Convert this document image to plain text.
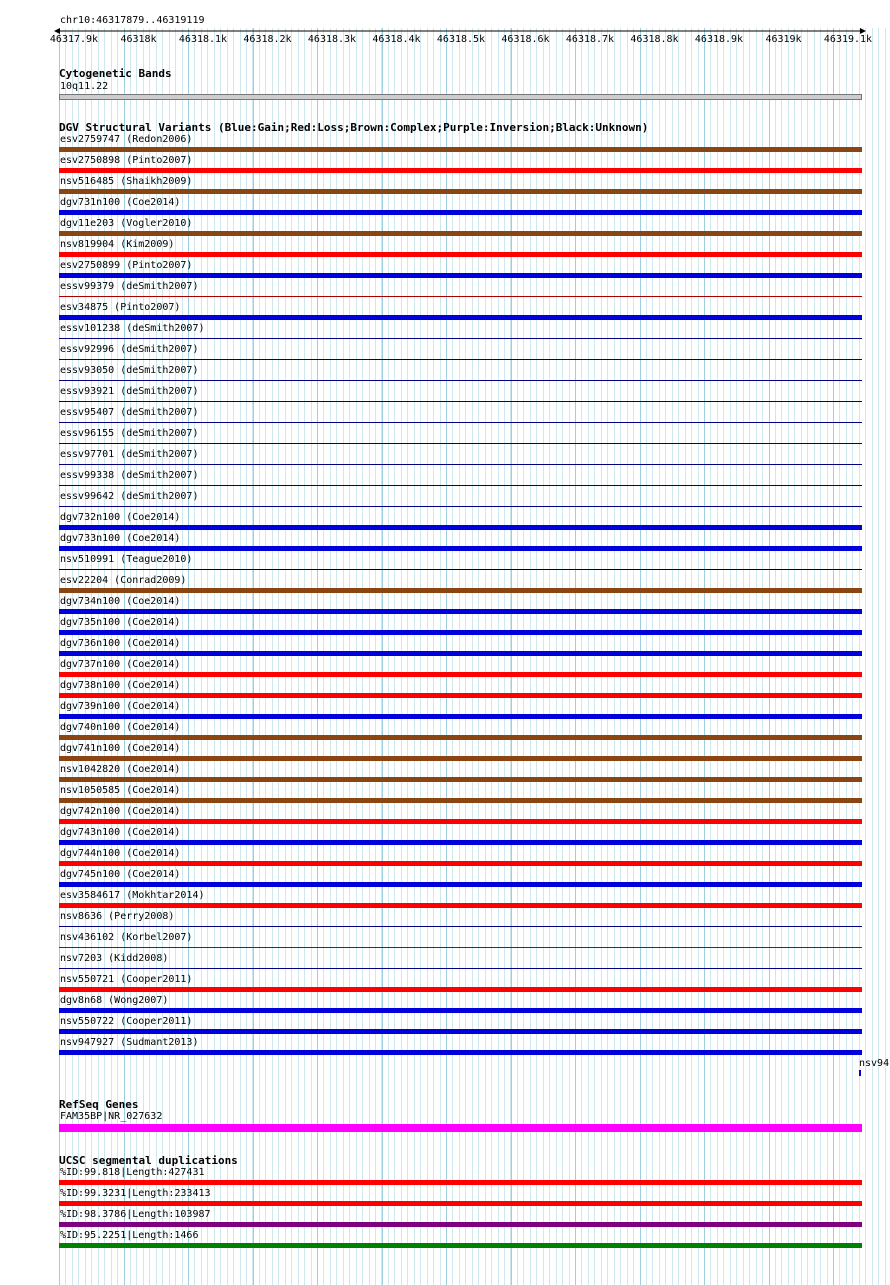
chr10:46317879..46319119
46317.9k 46318k 46318.1k 46318.2k 46318.3k 46318.4k 46318.5k 46318.6k 46318.7k 46318.8k 46318.9k 46319k 46319.1k
Cytogenetic Bands
10q11.22
DGV Structural Variants (Blue:Gain;Red:Loss;Brown:Complex;Purple:Inversion;Black:Unknown)
esv2759747 (Redon2006)
esv2750898 (Pinto2007)
nsv516485 (Shaikh2009)
dgv731n100 (Coe2014)
dgv11e203 (Vogler2010)
nsv819904 (Kim2009)
esv2750899 (Pinto2007)
essv99379 (deSmith2007)
esv34875 (Pinto2007)
essv101238 (deSmith2007)
essv92996 (deSmith2007)
essv93050 (deSmith2007)
essv93921 (deSmith2007)
essv95407 (deSmith2007)
essv96155 (deSmith2007)
essv97701 (deSmith2007)
essv99338 (deSmith2007)
essv99642 (deSmith2007)
dgv732n100 (Coe2014)
dgv733n100 (Coe2014)
nsv510991 (Teague2010)
esv22204 (Conrad2009)
dgv734n100 (Coe2014)
dgv735n100 (Coe2014)
dgv736n100 (Coe2014)
dgv737n100 (Coe2014)
dgv738n100 (Coe2014)
dgv739n100 (Coe2014)
dgv740n100 (Coe2014)
dgv741n100 (Coe2014)
nsv1042820 (Coe2014)
nsv1050585 (Coe2014)
dgv742n100 (Coe2014)
dgv743n100 (Coe2014)
dgv744n100 (Coe2014)
dgv745n100 (Coe2014)
esv3584617 (Mokhtar2014)
nsv8636 (Perry2008)
nsv436102 (Korbel2007)
nsv7203 (Kidd2008)
nsv550721 (Cooper2011)
dgv8n68 (Wong2007)
nsv550722 (Cooper2011)
nsv947927 (Sudmant2013)
nsv94
RefSeq Genes
FAM35BP|NR_027632
UCSC segmental duplications
%ID:99.818|Length:427431
%ID:99.3231|Length:233413
%ID:98.3786|Length:103987
%ID:95.2251|Length:1466
